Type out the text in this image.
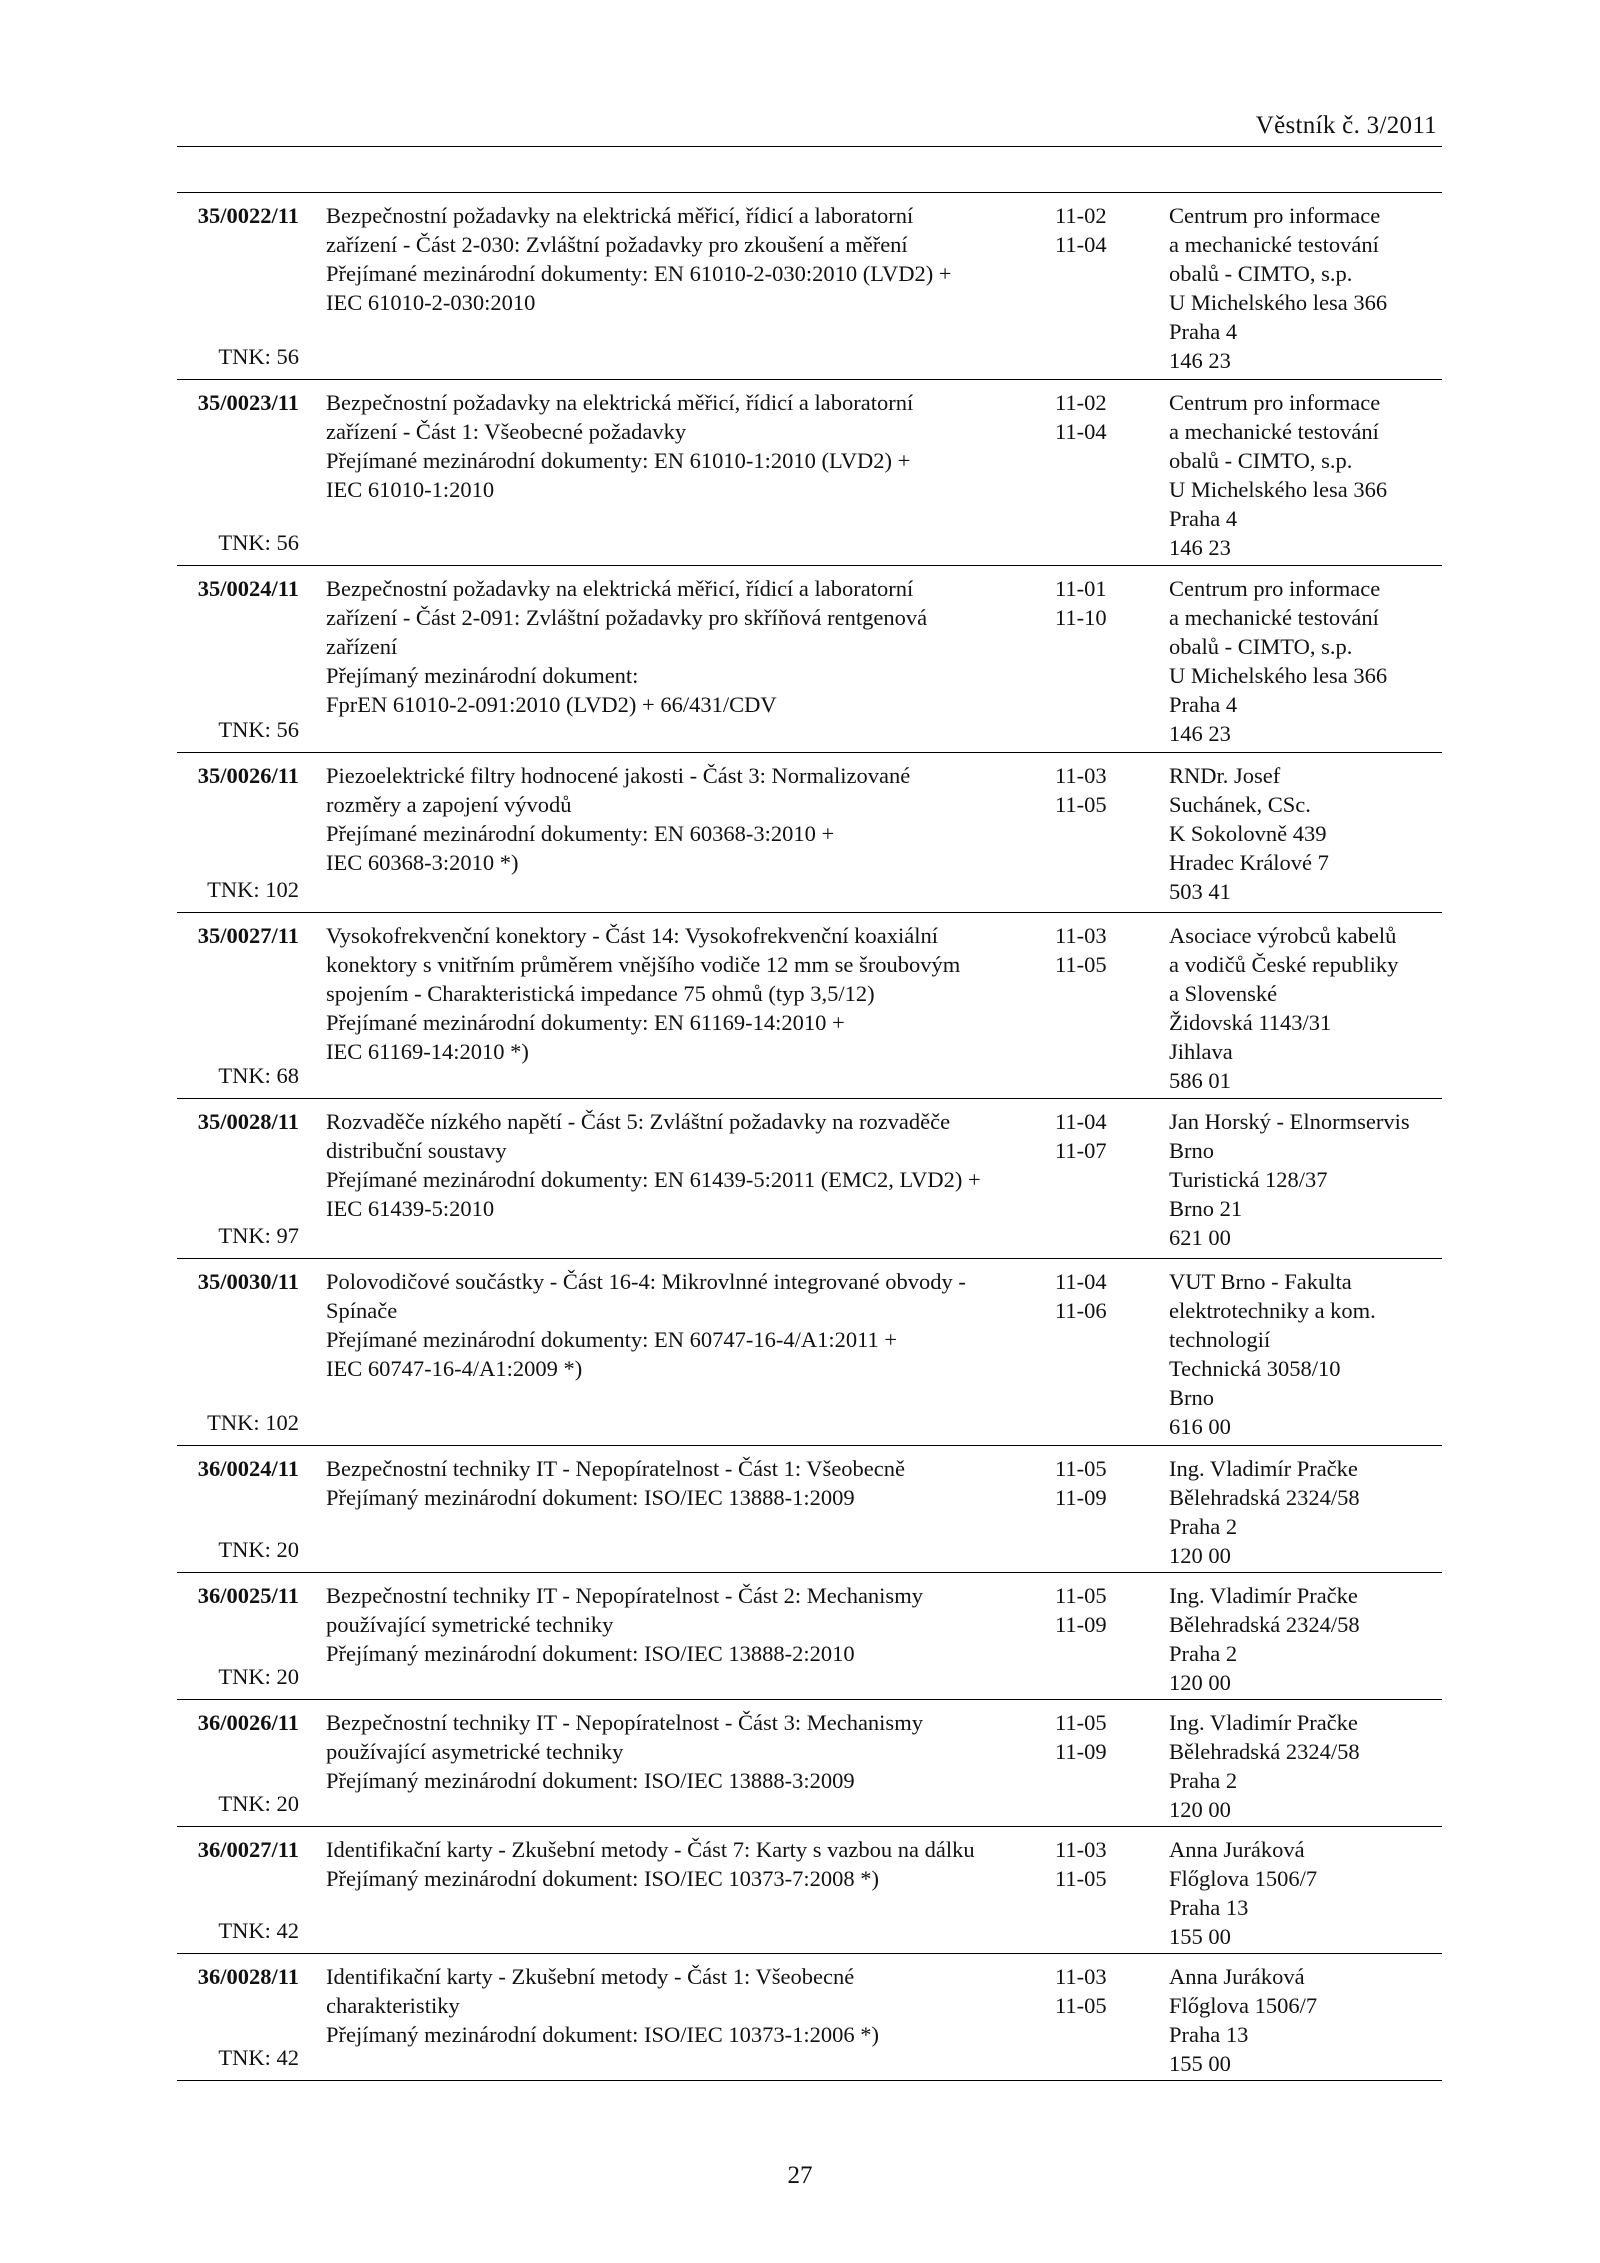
Věstník č. 3/2011
35/0022/11
TNK: 56
Bezpečnostní požadavky na elektrická měřicí, řídicí a laboratorní
zařízení - Část 2-030: Zvláštní požadavky pro zkoušení a měření
Přejímané mezinárodní dokumenty: EN 61010-2-030:2010 (LVD2) +
IEC 61010-2-030:2010
11-02
11-04
Centrum pro informace
a mechanické testování
obalů - CIMTO, s.p.
U Michelského lesa 366
Praha 4
146 23
35/0023/11
TNK: 56
Bezpečnostní požadavky na elektrická měřicí, řídicí a laboratorní
zařízení - Část 1: Všeobecné požadavky
Přejímané mezinárodní dokumenty: EN 61010-1:2010 (LVD2) +
IEC 61010-1:2010
11-02
11-04
Centrum pro informace
a mechanické testování
obalů - CIMTO, s.p.
U Michelského lesa 366
Praha 4
146 23
35/0024/11
TNK: 56
Bezpečnostní požadavky na elektrická měřicí, řídicí a laboratorní
zařízení - Část 2-091: Zvláštní požadavky pro skříňová rentgenová
zařízení
Přejímaný mezinárodní dokument:
FprEN 61010-2-091:2010 (LVD2) + 66/431/CDV
11-01
11-10
Centrum pro informace
a mechanické testování
obalů - CIMTO, s.p.
U Michelského lesa 366
Praha 4
146 23
35/0026/11
TNK: 102
Piezoelektrické filtry hodnocené jakosti - Část 3: Normalizované
rozměry a zapojení vývodů
Přejímané mezinárodní dokumenty: EN 60368-3:2010 +
IEC 60368-3:2010 *)
11-03
11-05
RNDr. Josef
Suchánek, CSc.
K Sokolovně 439
Hradec Králové 7
503 41
35/0027/11
TNK: 68
Vysokofrekvenční konektory - Část 14: Vysokofrekvenční koaxiální
konektory s vnitřním průměrem vnějšího vodiče 12 mm se šroubovým
spojením - Charakteristická impedance 75 ohmů (typ 3,5/12)
Přejímané mezinárodní dokumenty: EN 61169-14:2010 +
IEC 61169-14:2010 *)
11-03
11-05
Asociace výrobců kabelů
a vodičů České republiky
a Slovenské
Židovská 1143/31
Jihlava
586 01
35/0028/11
TNK: 97
Rozvaděče nízkého napětí - Část 5: Zvláštní požadavky na rozvaděče
distribuční soustavy
Přejímané mezinárodní dokumenty: EN 61439-5:2011 (EMC2, LVD2) +
IEC 61439-5:2010
11-04
11-07
Jan Horský - Elnormservis
Brno
Turistická 128/37
Brno 21
621 00
35/0030/11
TNK: 102
Polovodičové součástky - Část 16-4: Mikrovlnné integrované obvody -
Spínače
Přejímané mezinárodní dokumenty: EN 60747-16-4/A1:2011 +
IEC 60747-16-4/A1:2009 *)
11-04
11-06
VUT Brno - Fakulta
elektrotechniky a kom.
technologií
Technická 3058/10
Brno
616 00
36/0024/11
TNK: 20
Bezpečnostní techniky IT - Nepopíratelnost - Část 1: Všeobecně
Přejímaný mezinárodní dokument: ISO/IEC 13888-1:2009
11-05
11-09
Ing. Vladimír Pračke
Bělehradská 2324/58
Praha 2
120 00
36/0025/11
TNK: 20
Bezpečnostní techniky IT - Nepopíratelnost - Část 2: Mechanismy
používající symetrické techniky
Přejímaný mezinárodní dokument: ISO/IEC 13888-2:2010
11-05
11-09
Ing. Vladimír Pračke
Bělehradská 2324/58
Praha 2
120 00
36/0026/11
TNK: 20
Bezpečnostní techniky IT - Nepopíratelnost - Část 3: Mechanismy
používající asymetrické techniky
Přejímaný mezinárodní dokument: ISO/IEC 13888-3:2009
11-05
11-09
Ing. Vladimír Pračke
Bělehradská 2324/58
Praha 2
120 00
36/0027/11
TNK: 42
Identifikační karty - Zkušební metody - Část 7: Karty s vazbou na dálku
Přejímaný mezinárodní dokument: ISO/IEC 10373-7:2008 *)
11-03
11-05
Anna Juráková
Flőglova 1506/7
Praha 13
155 00
36/0028/11
TNK: 42
Identifikační karty - Zkušební metody - Část 1: Všeobecné
charakteristiky
Přejímaný mezinárodní dokument: ISO/IEC 10373-1:2006 *)
11-03
11-05
Anna Juráková
Flőglova 1506/7
Praha 13
155 00
27
